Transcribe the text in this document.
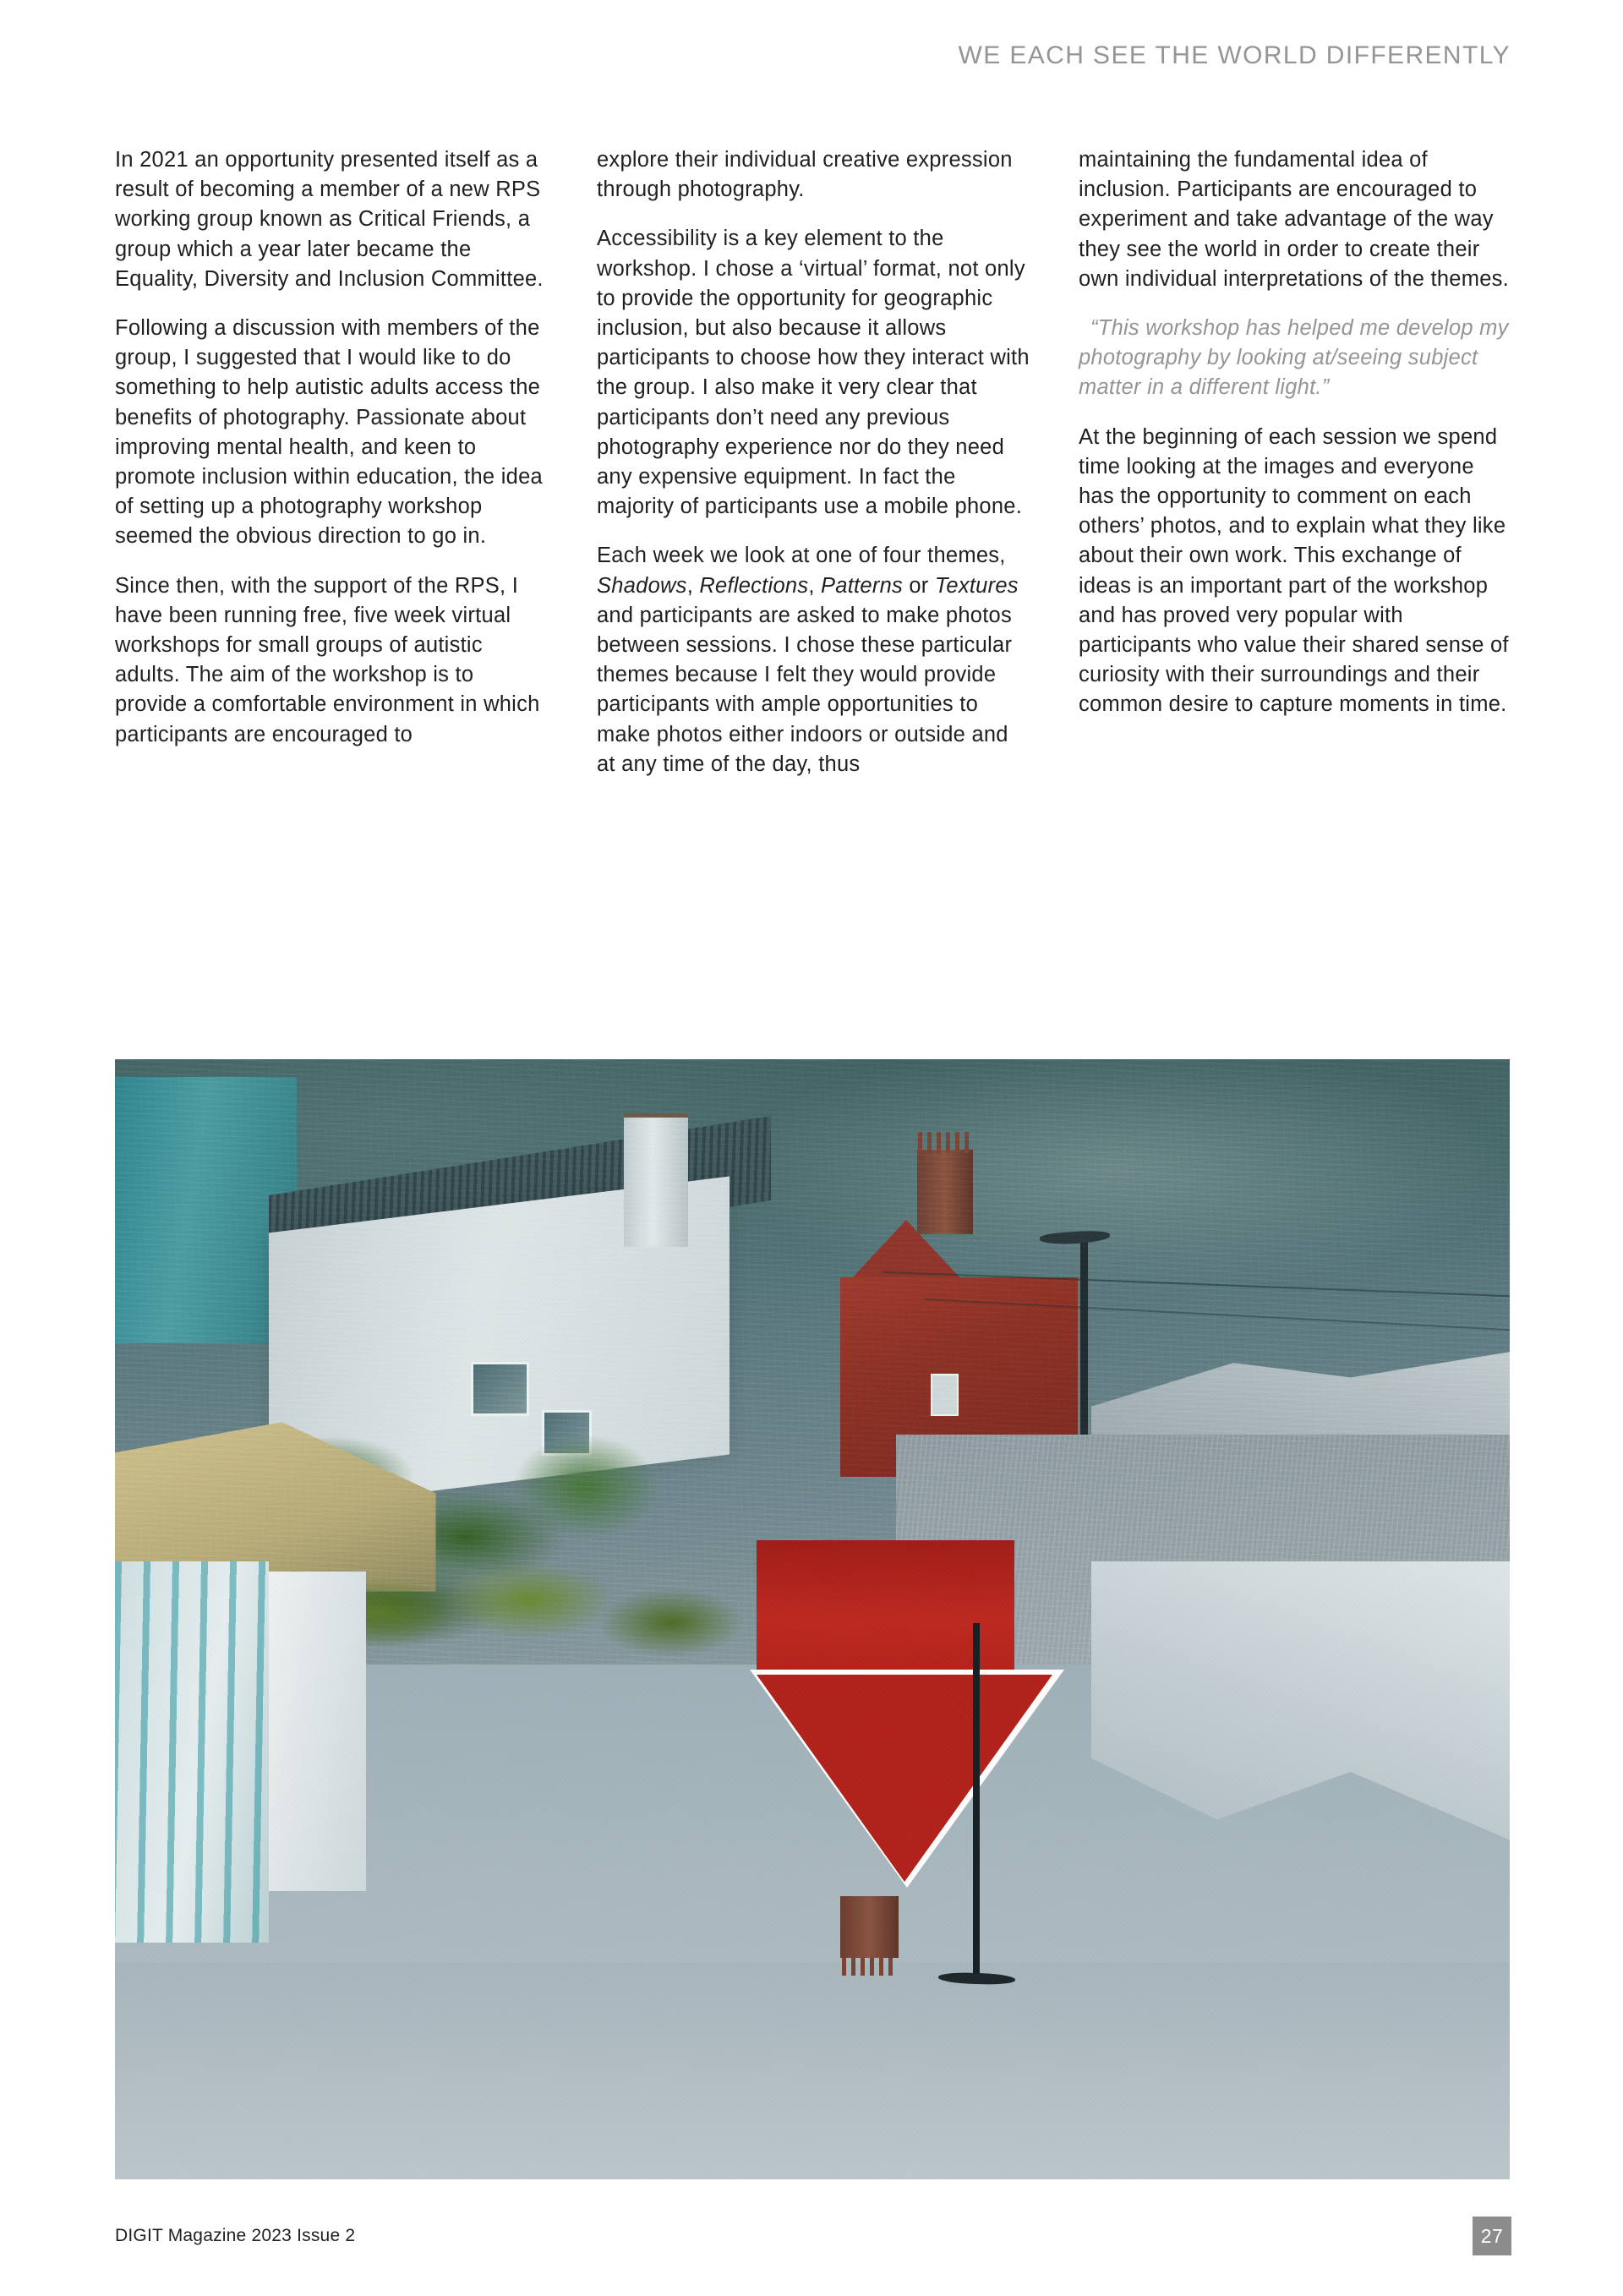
WE EACH SEE THE WORLD DIFFERENTLY

In 2021 an opportunity presented itself as a result of becoming a member of a new RPS working group known as Critical Friends, a group which a year later became the Equality, Diversity and Inclusion Committee.

Following a discussion with members of the group, I suggested that I would like to do something to help autistic adults access the benefits of photography. Passionate about improving mental health, and keen to promote inclusion within education, the idea of setting up a photography workshop seemed the obvious direction to go in.

Since then, with the support of the RPS, I have been running free, five week virtual workshops for small groups of autistic adults. The aim of the workshop is to provide a comfortable environment in which participants are encouraged to

explore their individual creative expression through photography.

Accessibility is a key element to the workshop. I chose a ‘virtual’ format, not only to provide the opportunity for geographic inclusion, but also because it allows participants to choose how they interact with the group. I also make it very clear that participants don’t need any previous photography experience nor do they need any expensive equipment. In fact the majority of participants use a mobile phone.

Each week we look at one of four themes, Shadows, Reflections, Patterns or Textures and participants are asked to make photos between sessions. I chose these particular themes because I felt they would provide participants with ample opportunities to make photos either indoors or outside and at any time of the day, thus

maintaining the fundamental idea of inclusion. Participants are encouraged to experiment and take advantage of the way they see the world in order to create their own individual interpretations of the themes.

“This workshop has helped me develop my photography by looking at/seeing subject matter in a different light.”

At the beginning of each session we spend time looking at the images and everyone has the opportunity to comment on each others’ photos, and to explain what they like about their own work. This exchange of ideas is an important part of the workshop and has proved very popular with participants who value their shared sense of curiosity with their surroundings and their common desire to capture moments in time.

DIGIT Magazine 2023 Issue 2	27
